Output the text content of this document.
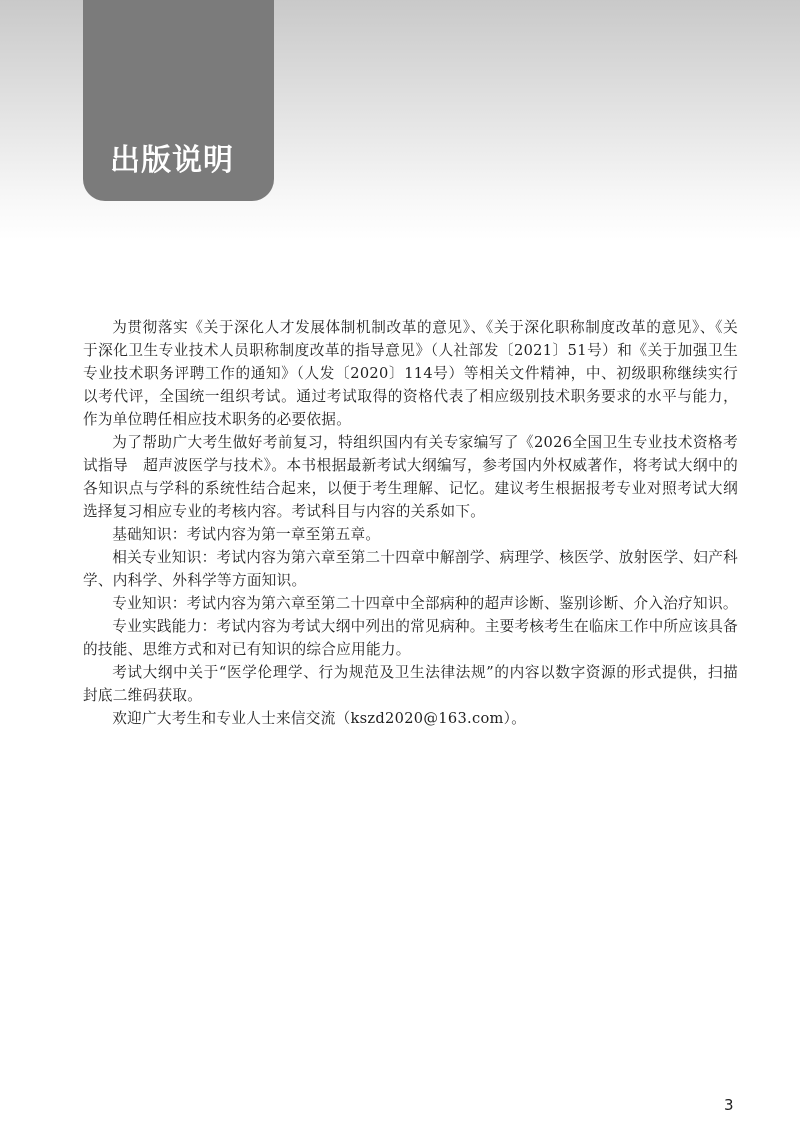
出版说明

为贯彻落实《关于深化人才发展体制机制改革的意见》、《关于深化职称制度改革的意见》、《关于深化卫生专业技术人员职称制度改革的指导意见》（人社部发〔2021〕51号）和《关于加强卫生专业技术职务评聘工作的通知》（人发〔2020〕114号）等相关文件精神，中、初级职称继续实行以考代评，全国统一组织考试。通过考试取得的资格代表了相应级别技术职务要求的水平与能力，作为单位聘任相应技术职务的必要依据。

为了帮助广大考生做好考前复习，特组织国内有关专家编写了《2026全国卫生专业技术资格考试指导　超声波医学与技术》。本书根据最新考试大纲编写，参考国内外权威著作，将考试大纲中的各知识点与学科的系统性结合起来，以便于考生理解、记忆。建议考生根据报考专业对照考试大纲选择复习相应专业的考核内容。考试科目与内容的关系如下。

基础知识：考试内容为第一章至第五章。

相关专业知识：考试内容为第六章至第二十四章中解剖学、病理学、核医学、放射医学、妇产科学、内科学、外科学等方面知识。

专业知识：考试内容为第六章至第二十四章中全部病种的超声诊断、鉴别诊断、介入治疗知识。

专业实践能力：考试内容为考试大纲中列出的常见病种。主要考核考生在临床工作中所应该具备的技能、思维方式和对已有知识的综合应用能力。

考试大纲中关于“医学伦理学、行为规范及卫生法律法规”的内容以数字资源的形式提供，扫描封底二维码获取。

欢迎广大考生和专业人士来信交流（kszd2020@163.com）。

3
